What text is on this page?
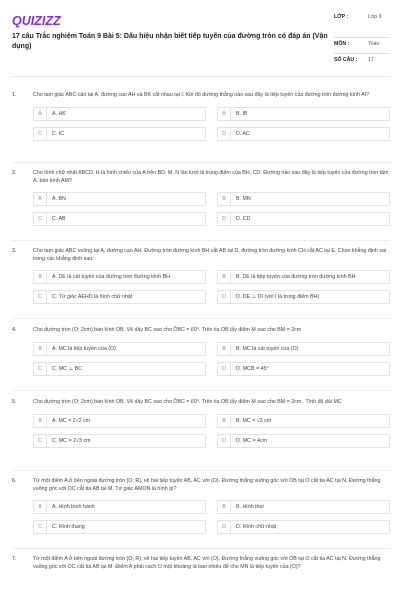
QUIZIZZ
17 câu Trắc nghiệm Toán 9 Bài 5: Dấu hiệu nhận biết tiếp tuyến của đường tròn có đáp án (Vận dụng)
LỚP :	Lớp 9
MÔN :	Toán
SỐ CÂU :	17
1.	Cho tam giác ABC cân tại A, đường cao AH và BK cắt nhau tại I. Khi đó đường thẳng nào sau đây là tiếp tuyến của đường tròn đường kính AI?
A	A. HK	B	B. IB
C	C. IC	D	D. AC
2.	Cho hình chữ nhật ABCD, H là hình chiếu của A trên BD. M, N lần lượt là trung điểm của BH, CD. Đường nào sau đây là tiếp tuyến của đường tròn tâm A, bán kính AM?
A	A. BN	B	B. MN
C	C. AB	D	D. CD
3.	Cho tam giác ABC vuông tại A, đường cao AH. Đường tròn đường kính BH cắt AB tại D, đường tròn đường kính CH cắt AC tại E. Chọn khẳng định sai trong các khẳng định sau:
A	A. DE là cát tuyến của đường tròn đường kính BH	B	B. DE là tiếp tuyến của đường tròn đường kính BH
C	C. Tứ giác AEHD là hình chữ nhật	D	D. DE ⊥ DI (với I là trung điểm BH)
4.	Cho đường tròn (O; 2cm) bán kính OB. Vẽ dây BC sao cho ÔBC = 60°. Trên tia OB lấy điểm M sao cho BM = 2cm
A	A. MC là tiếp tuyến của (O)	B	B. MC là cát tuyến của (O)
C	C. MC ⊥ BC	D	D. MĈB = 45°
5.	Cho đường tròn (O; 2cm) bán kính OB. Vẽ dây BC sao cho ÔBC = 60°. Trên tia OB lấy điểm M sao cho BM = 2cm . Tính độ dài MC
A	A. MC = 2√2 cm	B	B. MC = √3 cm
C	C. MC = 2√3 cm	D	D. MC = 4cm
6.	Từ một điểm A ở bên ngoài đường tròn (O; R), vẽ hai tiếp tuyến AB, AC với (O). Đường thẳng vuông góc với OB tại O cắt tia AC tại N. Đường thẳng vuông góc với OC cắt tia AB tại M. Tứ giác AMON là hình gì?
A	A. Hình bình hành	B	B. Hình thoi
C	C. Hình thang	D	D. Hình chữ nhật
7.	Từ một điểm A ở bên ngoài đường tròn (O; R), vẽ hai tiếp tuyến AB, AC với (O). Đường thẳng vuông góc với OB tại O cắt tia AC tại N. Đường thẳng vuông góc với OC cắt tia AB tại M. Điểm A phải cách O một khoảng là bao nhiêu để cho MN là tiếp tuyến của (O)?
